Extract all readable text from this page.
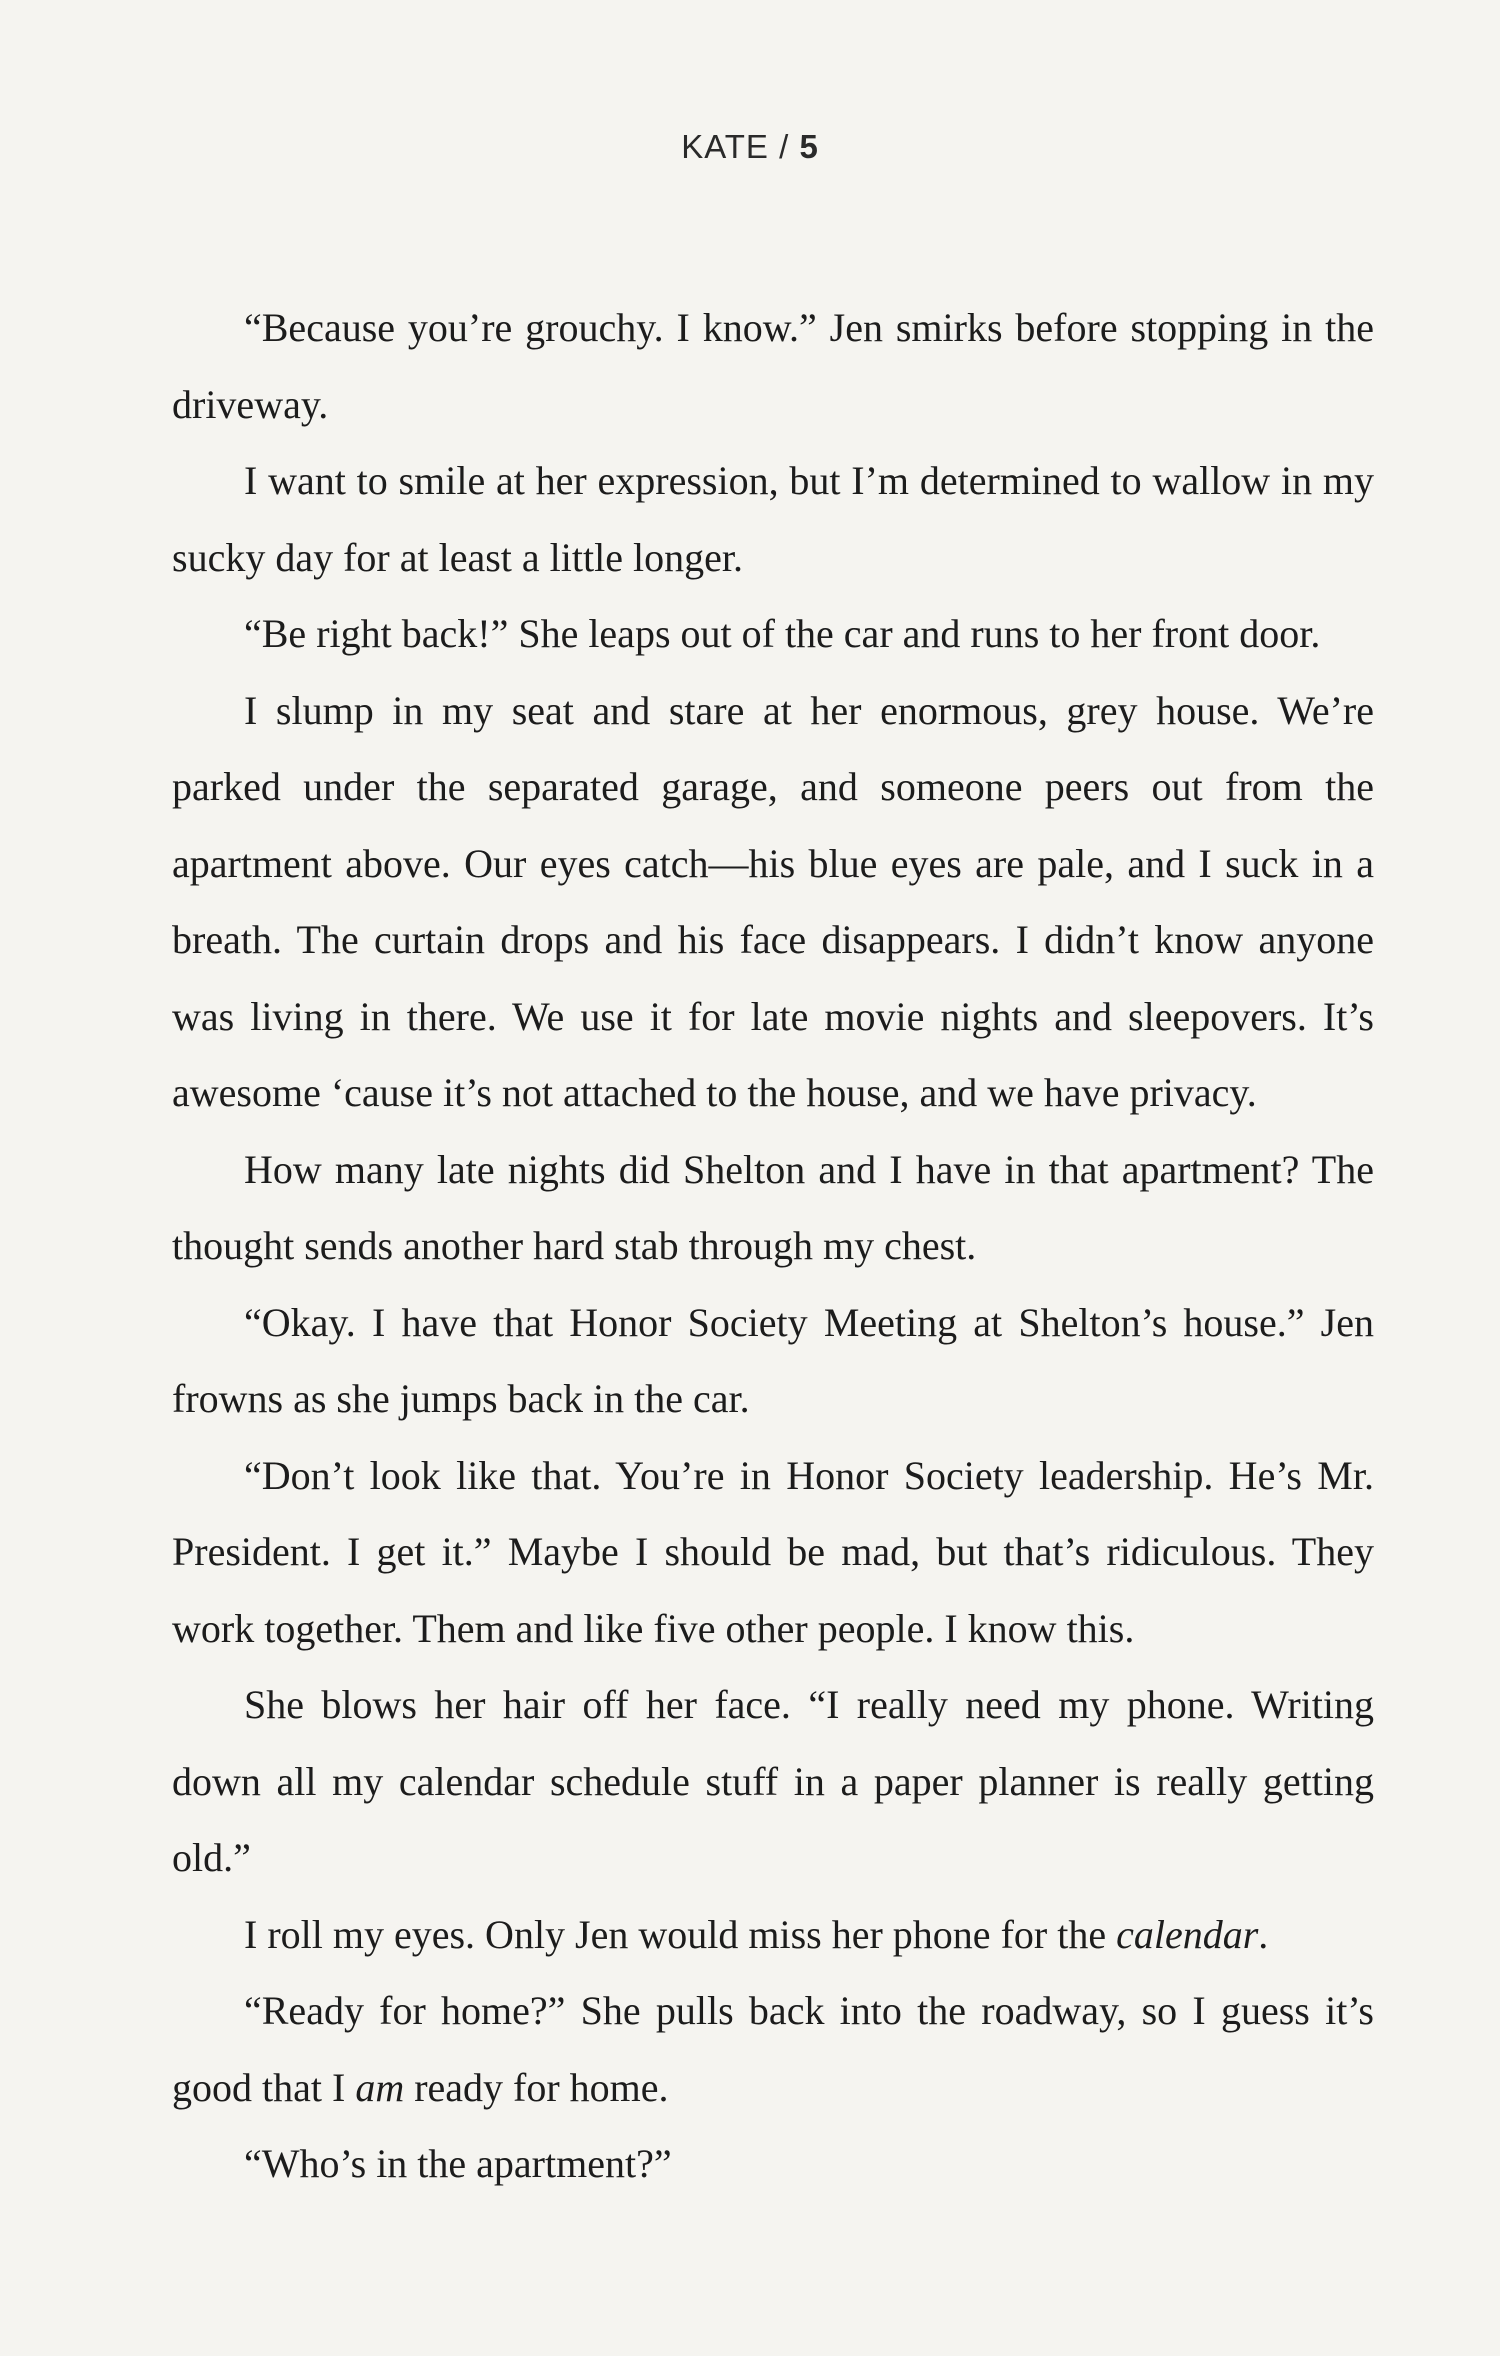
KATE / 5

“Because you’re grouchy. I know.” Jen smirks before stopping in the driveway.

I want to smile at her expression, but I’m determined to wallow in my sucky day for at least a little longer.

“Be right back!” She leaps out of the car and runs to her front door.

I slump in my seat and stare at her enormous, grey house. We’re parked under the separated garage, and someone peers out from the apartment above. Our eyes catch—his blue eyes are pale, and I suck in a breath. The curtain drops and his face disappears. I didn’t know anyone was living in there. We use it for late movie nights and sleepovers. It’s awesome ‘cause it’s not attached to the house, and we have privacy.

How many late nights did Shelton and I have in that apartment? The thought sends another hard stab through my chest.

“Okay. I have that Honor Society Meeting at Shelton’s house.” Jen frowns as she jumps back in the car.

“Don’t look like that. You’re in Honor Society leadership. He’s Mr. President. I get it.” Maybe I should be mad, but that’s ridiculous. They work together. Them and like five other people. I know this.

She blows her hair off her face. “I really need my phone. Writing down all my calendar schedule stuff in a paper planner is really getting old.”

I roll my eyes. Only Jen would miss her phone for the calendar.

“Ready for home?” She pulls back into the roadway, so I guess it’s good that I am ready for home.

“Who’s in the apartment?”
